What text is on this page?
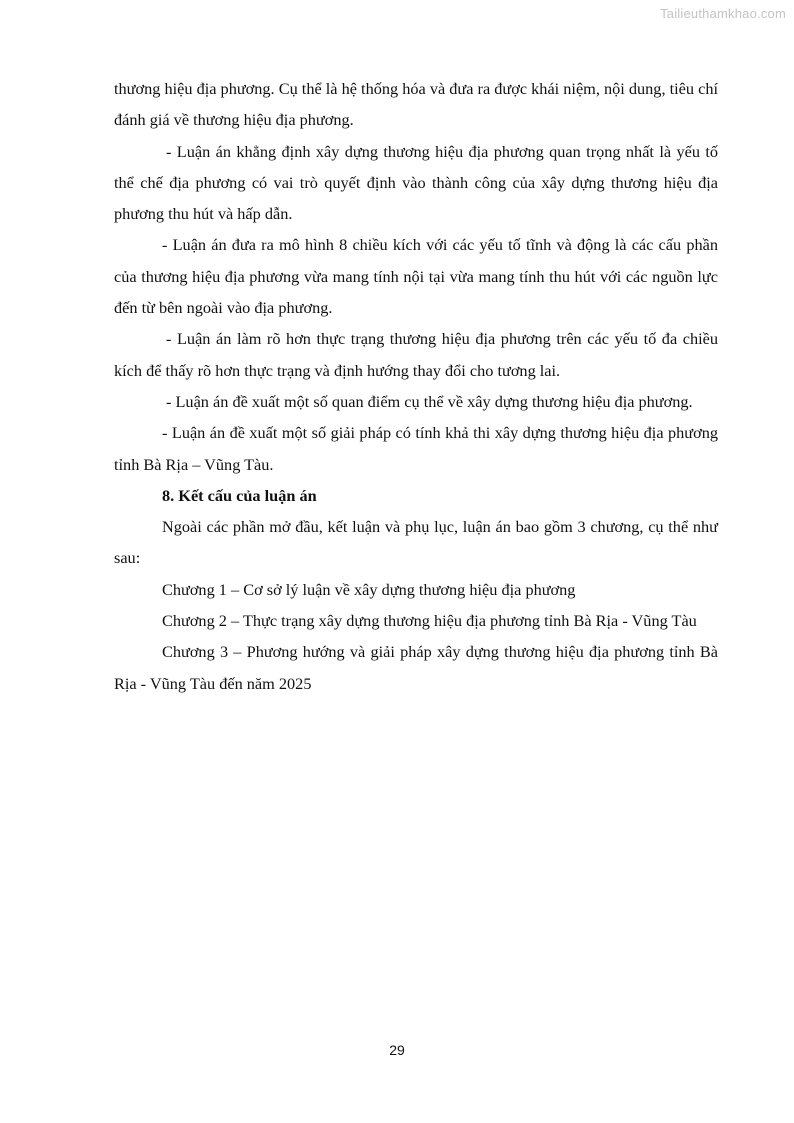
Tailieuthamkhao.com

thương hiệu địa phương. Cụ thể là hệ thống hóa và đưa ra được khái niệm, nội dung, tiêu chí đánh giá về thương hiệu địa phương.

- Luận án khẳng định xây dựng thương hiệu địa phương quan trọng nhất là yếu tố thể chế địa phương có vai trò quyết định vào thành công của xây dựng thương hiệu địa phương thu hút và hấp dẫn.

- Luận án đưa ra mô hình 8 chiều kích với các yếu tố tĩnh và động là các cấu phần của thương hiệu địa phương vừa mang tính nội tại vừa mang tính thu hút với các nguồn lực đến từ bên ngoài vào địa phương.

- Luận án làm rõ hơn thực trạng thương hiệu địa phương trên các yếu tố đa chiều kích để thấy rõ hơn thực trạng và định hướng thay đổi cho tương lai.

- Luận án đề xuất một số quan điểm cụ thể về xây dựng thương hiệu địa phương.

- Luận án đề xuất một số giải pháp có tính khả thi xây dựng thương hiệu địa phương tỉnh Bà Rịa – Vũng Tàu.

8. Kết cấu của luận án

Ngoài các phần mở đầu, kết luận và phụ lục, luận án bao gồm 3 chương, cụ thể như sau:

Chương 1 – Cơ sở lý luận về xây dựng thương hiệu địa phương

Chương 2 – Thực trạng xây dựng thương hiệu địa phương tỉnh Bà Rịa - Vũng Tàu

Chương 3 – Phương hướng và giải pháp xây dựng thương hiệu địa phương tỉnh Bà Rịa - Vũng Tàu đến năm 2025

29
